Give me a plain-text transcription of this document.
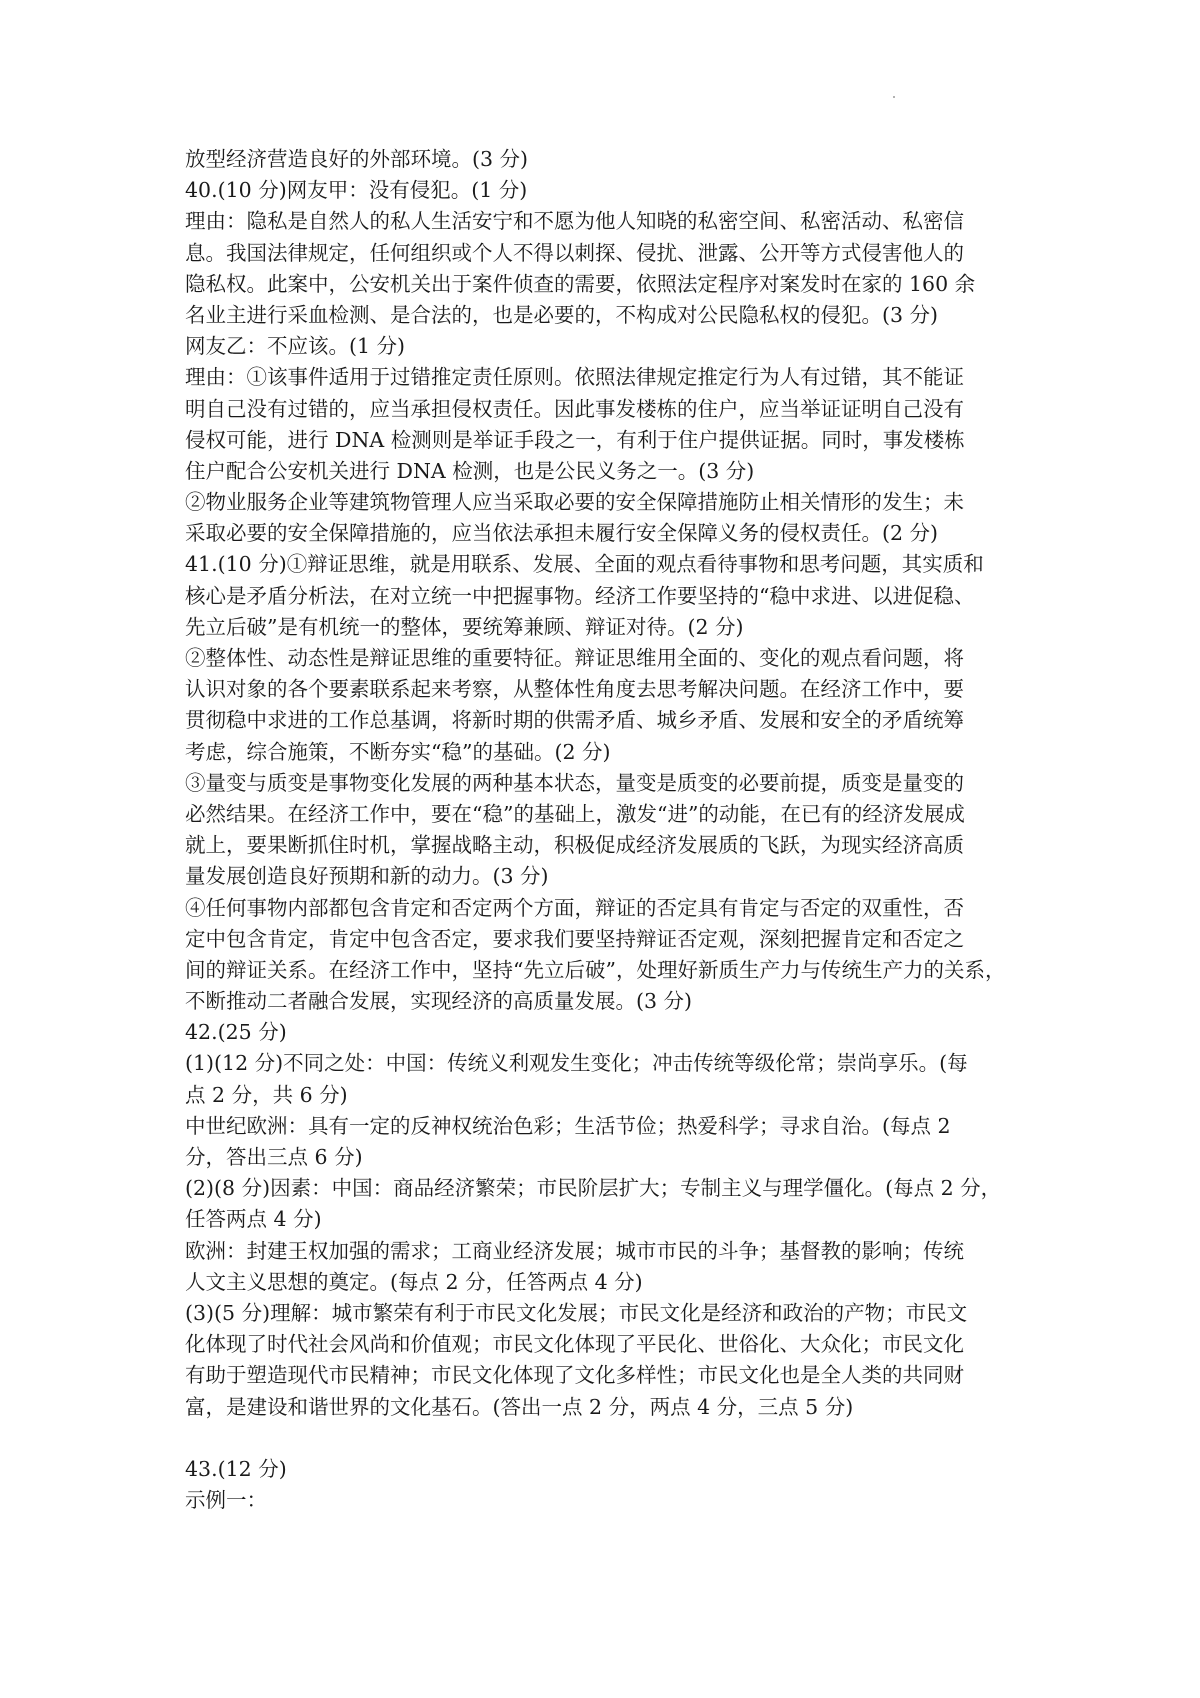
放型经济营造良好的外部环境。(3 分)
40.(10 分)网友甲：没有侵犯。(1 分)
理由：隐私是自然人的私人生活安宁和不愿为他人知晓的私密空间、私密活动、私密信
息。我国法律规定，任何组织或个人不得以刺探、侵扰、泄露、公开等方式侵害他人的
隐私权。此案中，公安机关出于案件侦查的需要，依照法定程序对案发时在家的 160 余
名业主进行采血检测、是合法的，也是必要的，不构成对公民隐私权的侵犯。(3 分)
网友乙：不应该。(1 分)
理由：①该事件适用于过错推定责任原则。依照法律规定推定行为人有过错，其不能证
明自己没有过错的，应当承担侵权责任。因此事发楼栋的住户，应当举证证明自己没有
侵权可能，进行 DNA 检测则是举证手段之一，有利于住户提供证据。同时，事发楼栋
住户配合公安机关进行 DNA 检测，也是公民义务之一。(3 分)
②物业服务企业等建筑物管理人应当采取必要的安全保障措施防止相关情形的发生；未
采取必要的安全保障措施的，应当依法承担未履行安全保障义务的侵权责任。(2 分)
41.(10 分)①辩证思维，就是用联系、发展、全面的观点看待事物和思考问题，其实质和
核心是矛盾分析法，在对立统一中把握事物。经济工作要坚持的“稳中求进、以进促稳、
先立后破”是有机统一的整体，要统筹兼顾、辩证对待。(2 分)
②整体性、动态性是辩证思维的重要特征。辩证思维用全面的、变化的观点看问题，将
认识对象的各个要素联系起来考察，从整体性角度去思考解决问题。在经济工作中，要
贯彻稳中求进的工作总基调，将新时期的供需矛盾、城乡矛盾、发展和安全的矛盾统筹
考虑，综合施策，不断夯实“稳”的基础。(2 分)
③量变与质变是事物变化发展的两种基本状态，量变是质变的必要前提，质变是量变的
必然结果。在经济工作中，要在“稳”的基础上，激发“进”的动能，在已有的经济发展成
就上，要果断抓住时机，掌握战略主动，积极促成经济发展质的飞跃，为现实经济高质
量发展创造良好预期和新的动力。(3 分)
④任何事物内部都包含肯定和否定两个方面，辩证的否定具有肯定与否定的双重性，否
定中包含肯定，肯定中包含否定，要求我们要坚持辩证否定观，深刻把握肯定和否定之
间的辩证关系。在经济工作中，坚持“先立后破”，处理好新质生产力与传统生产力的关系，
不断推动二者融合发展，实现经济的高质量发展。(3 分)
42.(25 分)
(1)(12 分)不同之处：中国：传统义利观发生变化；冲击传统等级伦常；崇尚享乐。(每
点 2 分，共 6 分)
中世纪欧洲：具有一定的反神权统治色彩；生活节俭；热爱科学；寻求自治。(每点 2
分，答出三点 6 分)
(2)(8 分)因素：中国：商品经济繁荣；市民阶层扩大；专制主义与理学僵化。(每点 2 分，
任答两点 4 分)
欧洲：封建王权加强的需求；工商业经济发展；城市市民的斗争；基督教的影响；传统
人文主义思想的奠定。(每点 2 分，任答两点 4 分)
(3)(5 分)理解：城市繁荣有利于市民文化发展；市民文化是经济和政治的产物；市民文
化体现了时代社会风尚和价值观；市民文化体现了平民化、世俗化、大众化；市民文化
有助于塑造现代市民精神；市民文化体现了文化多样性；市民文化也是全人类的共同财
富，是建设和谐世界的文化基石。(答出一点 2 分，两点 4 分，三点 5 分)
43.(12 分)
示例一：
